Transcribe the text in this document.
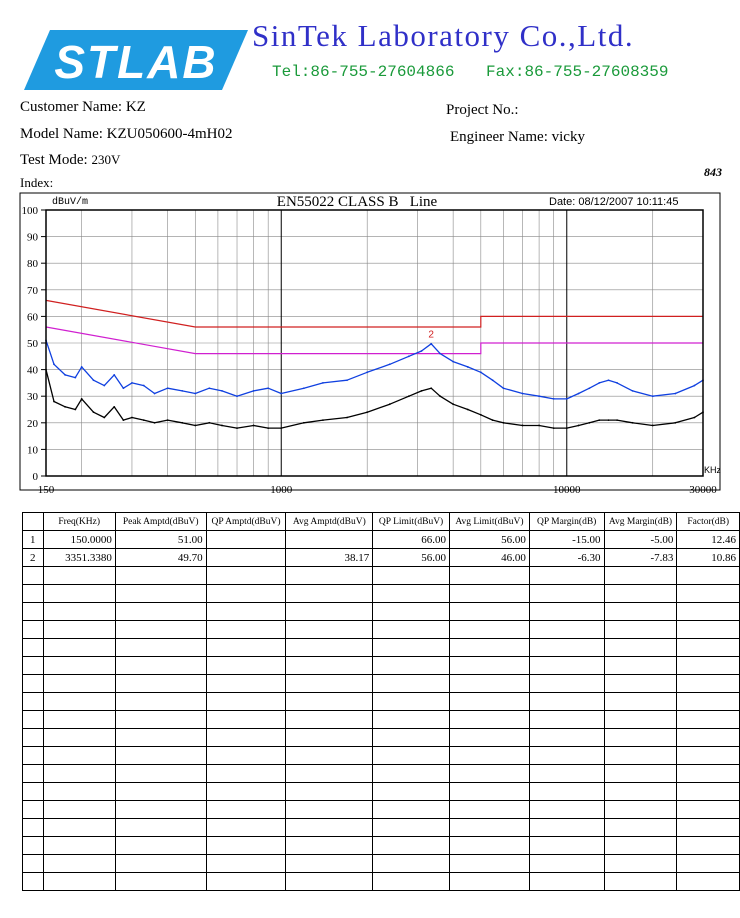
STLAB
SinTek Laboratory Co.,Ltd.
Tel:86-755-27604866 Fax:86-755-27608359
Customer Name: KZ
Model Name: KZU050600-4mH02
Test Mode: 230V
Index:
Project No.:
Engineer Name: vicky
843
2
0
10
20
30
40
50
60
70
80
90
100
150	1000	10000	30000
EN55022 CLASS B   Line	Date: 08/12/2007 10:11:45
dBuV/m
KHz
	Freq(KHz)	Peak Amptd(dBuV)	QP Amptd(dBuV)	Avg Amptd(dBuV)	QP Limit(dBuV)	Avg Limit(dBuV)	QP Margin(dB)	Avg Margin(dB)	Factor(dB)
1	150.0000	51.00			66.00	56.00	-15.00	-5.00	12.46
2	3351.3380	49.70		38.17	56.00	46.00	-6.30	-7.83	10.86
